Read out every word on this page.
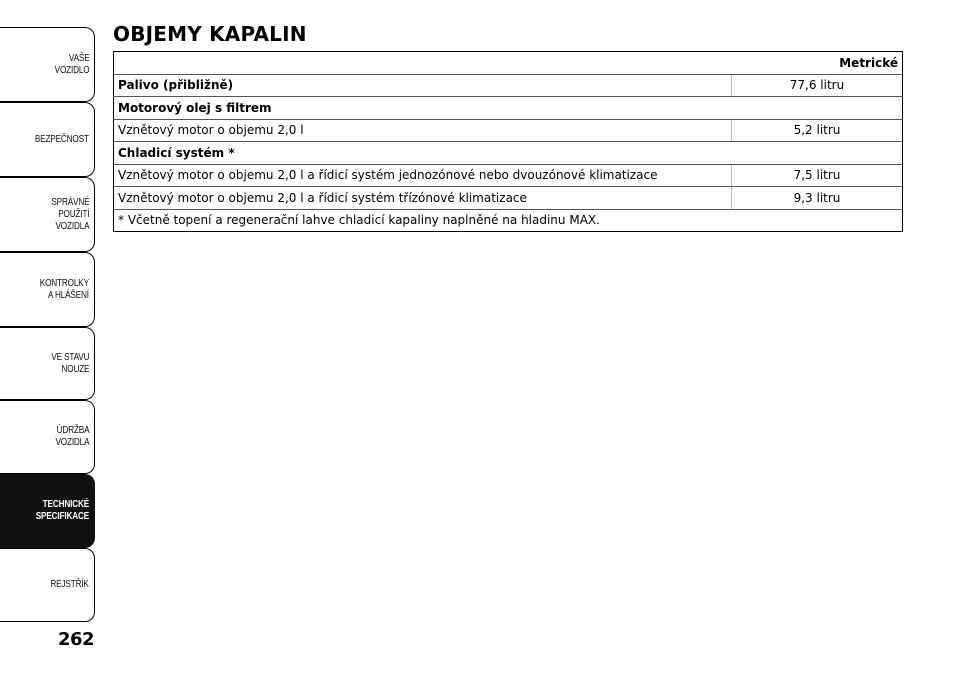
VAŠE
VOZIDLO
BEZPEČNOST
SPRÁVNÉ
POUŽITÍ
VOZIDLA
KONTROLKY
A HLÁŠENÍ
VE STAVU
NOUZE
ÚDRŽBA
VOZIDLA
TECHNICKÉ
SPECIFIKACE
REJSTŘÍK
262
OBJEMY KAPALIN
Metrické	
Palivo (přibližně)	77,6 litru
Motorový olej s filtrem	
Vznětový motor o objemu 2,0 l	5,2 litru
Chladicí systém *	
Vznětový motor o objemu 2,0 l a řídicí systém jednozónové nebo dvouzónové klimatizace	7,5 litru
Vznětový motor o objemu 2,0 l a řídicí systém třízónové klimatizace	9,3 litru
* Včetně topení a regenerační lahve chladicí kapaliny naplněné na hladinu MAX.	
